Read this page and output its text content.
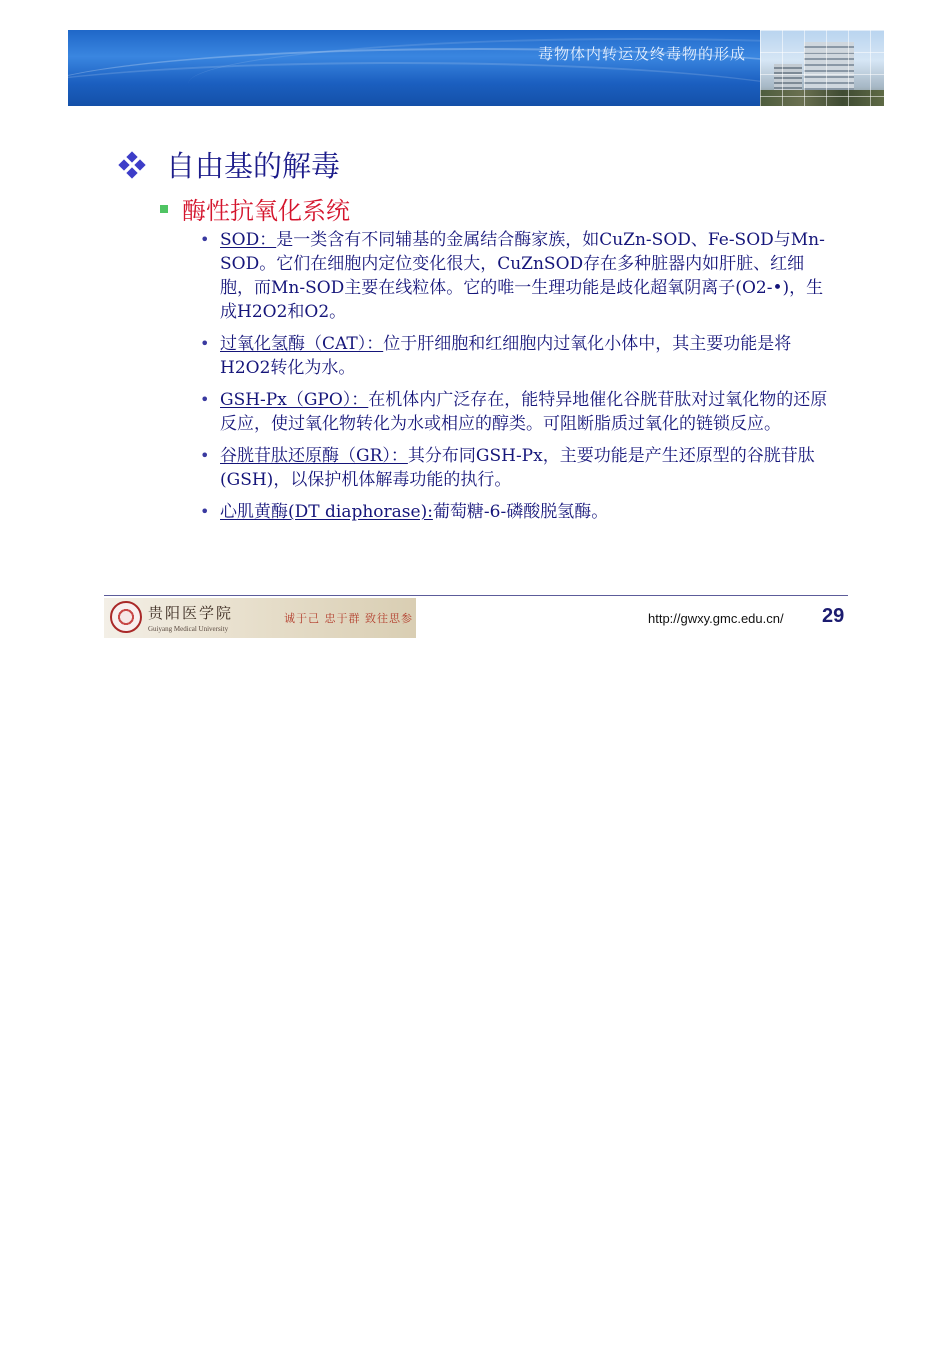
毒物体内转运及终毒物的形成
自由基的解毒
酶性抗氧化系统
• SOD：是一类含有不同辅基的金属结合酶家族，如CuZn-SOD、Fe-SOD与Mn-SOD。它们在细胞内定位变化很大，CuZnSOD存在多种脏器内如肝脏、红细胞，而Mn-SOD主要在线粒体。它的唯一生理功能是歧化超氧阴离子(O2-•)，生成H2O2和O2。
• 过氧化氢酶（CAT）：位于肝细胞和红细胞内过氧化小体中，其主要功能是将H2O2转化为水。
• GSH-Px（GPO）：在机体内广泛存在，能特异地催化谷胱苷肽对过氧化物的还原反应，使过氧化物转化为水或相应的醇类。可阻断脂质过氧化的链锁反应。
• 谷胱苷肽还原酶（GR）：其分布同GSH-Px，主要功能是产生还原型的谷胱苷肽(GSH)，以保护机体解毒功能的执行。
• 心肌黄酶(DT diaphorase):葡萄糖-6-磷酸脱氢酶。
贵阳医学院
Guiyang Medical University
诚于己 忠于群 致往思参	http://gwxy.gmc.edu.cn/ 29
